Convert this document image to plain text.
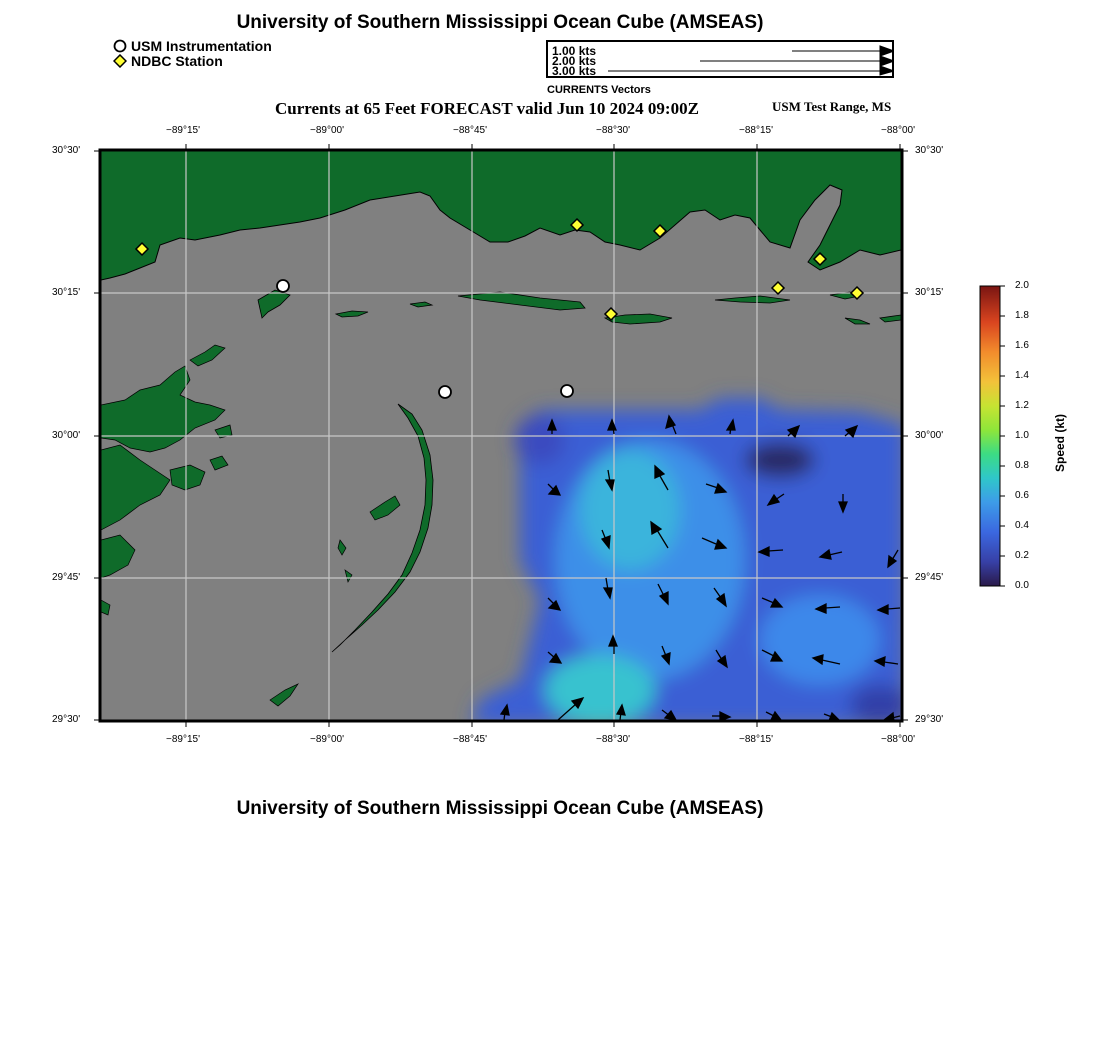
University of Southern Mississippi Ocean Cube (AMSEAS)
USM Instrumentation
NDBC Station
1.00 kts
2.00 kts
3.00 kts
CURRENTS Vectors
Currents at 65 Feet FORECAST valid Jun 10 2024 09:00Z	USM Test Range, MS
−89°15'	−89°00'	−88°45'	−88°30'	−88°15'	−88°00'
−89°15'	−89°00'	−88°45'	−88°30'	−88°15'	−88°00'
30°30'
30°15'
30°00'
29°45'
29°30'
30°30'
30°15'
30°00'
29°45'
29°30'
2.0
1.8
1.6
1.4
1.2
1.0
0.8
0.6
0.4
0.2
0.0
Speed (kt)
University of Southern Mississippi Ocean Cube (AMSEAS)
